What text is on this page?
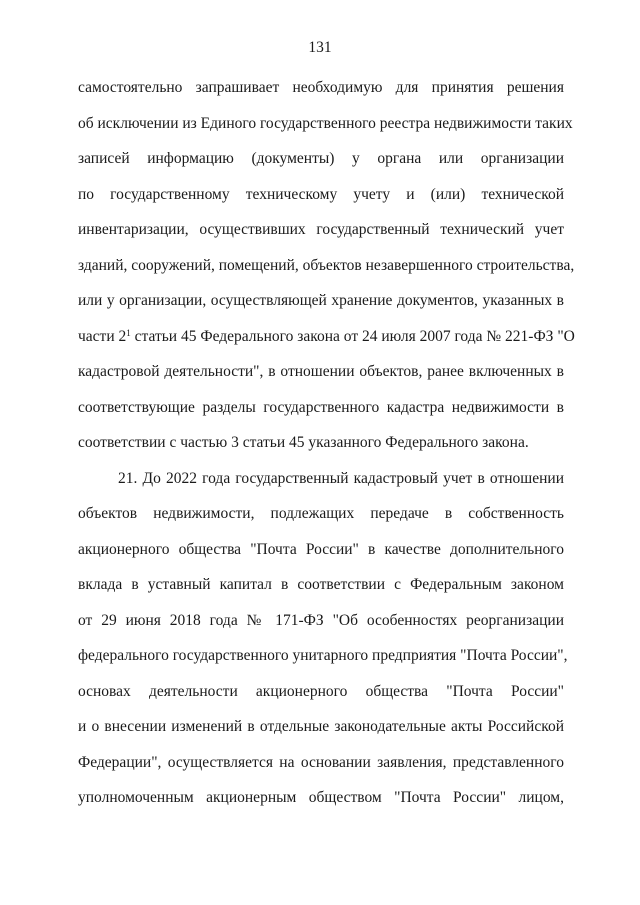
131
самостоятельно запрашивает необходимую для принятия решения
об исключении из Единого государственного реестра недвижимости таких
записей информацию (документы) у органа или организации
по государственному техническому учету и (или) технической
инвентаризации, осуществивших государственный технический учет
зданий, сооружений, помещений, объектов незавершенного строительства,
или у организации, осуществляющей хранение документов, указанных в
части $2^1$ статьи 45 Федерального закона от 24 июля 2007 года № 221-ФЗ "О
кадастровой деятельности", в отношении объектов, ранее включенных в
соответствующие разделы государственного кадастра недвижимости в
соответствии с частью 3 статьи 45 указанного Федерального закона.
21. До 2022 года государственный кадастровый учет в отношении
объектов недвижимости, подлежащих передаче в собственность
акционерного общества "Почта России" в качестве дополнительного
вклада в уставный капитал в соответствии с Федеральным законом
от 29 июня 2018 года № 171-ФЗ "Об особенностях реорганизации
федерального государственного унитарного предприятия "Почта России",
основах деятельности акционерного общества "Почта России"
и о внесении изменений в отдельные законодательные акты Российской
Федерации", осуществляется на основании заявления, представленного
уполномоченным акционерным обществом "Почта России" лицом,
